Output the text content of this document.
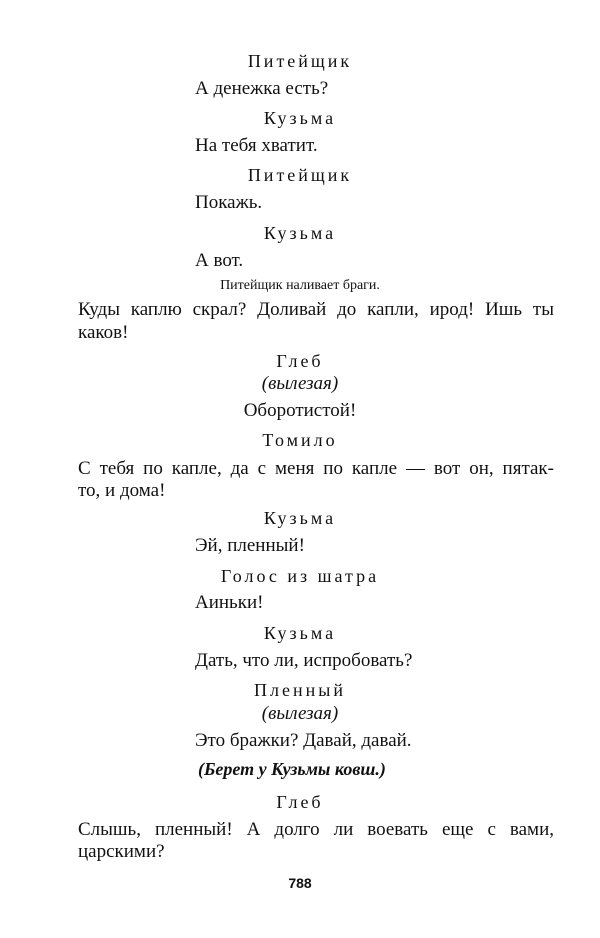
Питейщик
А денежка есть?
Кузьма
На тебя хватит.
Питейщик
Покажь.
Кузьма
А вот.
Питейщик наливает браги.
Куды каплю скрал? Доливай до капли, ирод! Ишь ты
каков!
Глеб
(вылезая)
Оборотистой!
Томило
С тебя по капле, да с меня по капле — вот он, пятак-
то, и дома!
Кузьма
Эй, пленный!
Голос из шатра
Аиньки!
Кузьма
Дать, что ли, испробовать?
Пленный
(вылезая)
Это бражки? Давай, давай.
(Берет у Кузьмы ковш.)
Глеб
Слышь, пленный! А долго ли воевать еще с вами,
царскими?
788
